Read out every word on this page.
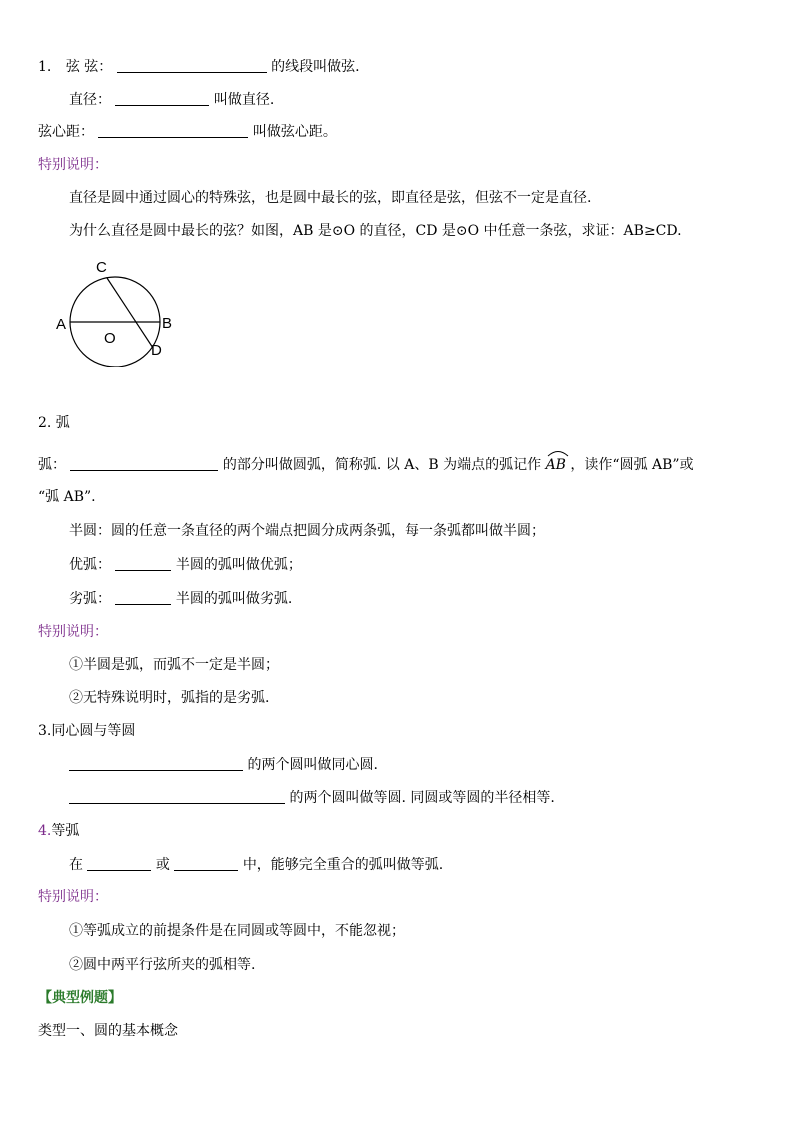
1. 弦 弦：	的线段叫做弦.
直径：	叫做直径.
弦心距：	叫做弦心距。
特别说明：
直径是圆中通过圆心的特殊弦，也是圆中最长的弦，即直径是弦，但弦不一定是直径.
为什么直径是圆中最长的弦？如图，AB 是⊙O 的直径，CD 是⊙O 中任意一条弦，求证：AB≥CD.
A	B
C
D
O
2. 弧
弧：	的部分叫做圆弧，简称弧. 以 A、B 为端点的弧记作 AB ，读作“圆弧 AB”或
“弧 AB”.
半圆：圆的任意一条直径的两个端点把圆分成两条弧，每一条弧都叫做半圆；
优弧：	半圆的弧叫做优弧；
劣弧：	半圆的弧叫做劣弧.
特别说明：
①半圆是弧，而弧不一定是半圆；
②无特殊说明时，弧指的是劣弧.
3.同心圆与等圆
的两个圆叫做同心圆.
的两个圆叫做等圆. 同圆或等圆的半径相等.
4.等弧
在	或	中，能够完全重合的弧叫做等弧.
特别说明：
①等弧成立的前提条件是在同圆或等圆中，不能忽视；
②圆中两平行弦所夹的弧相等.
【典型例题】
类型一、圆的基本概念
